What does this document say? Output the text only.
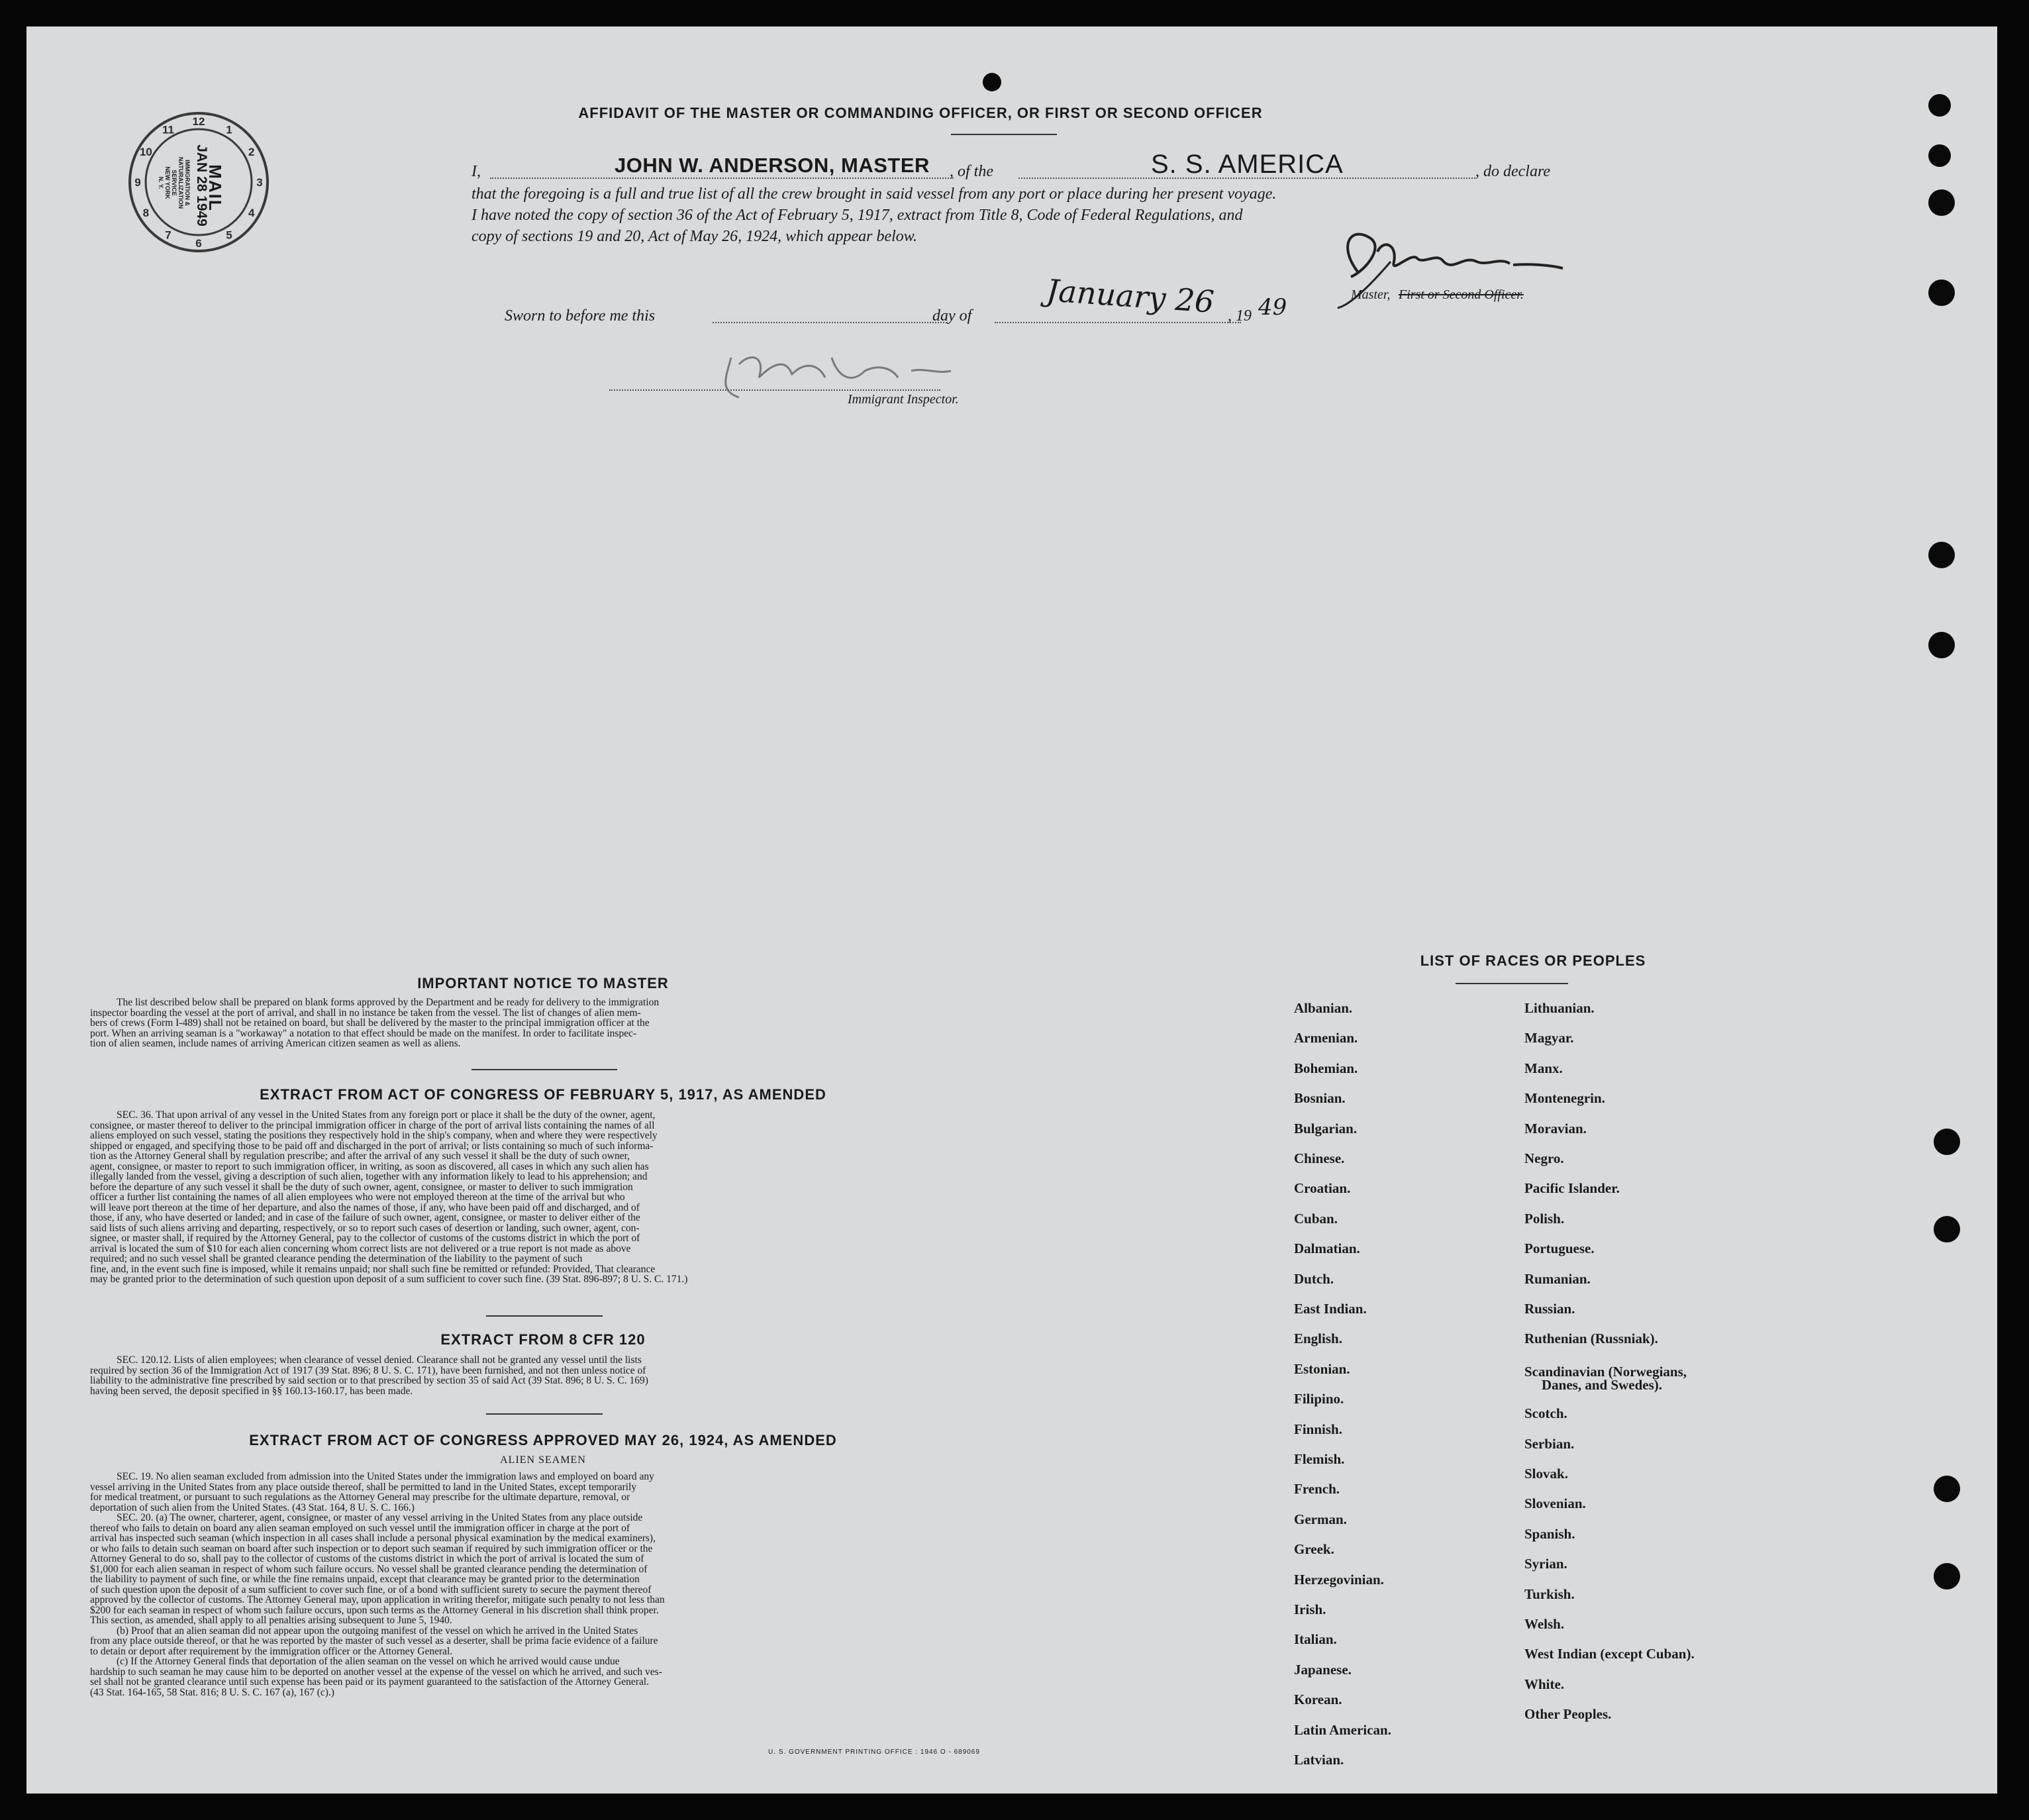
12
1
2
3
4
5
6
7
8
9
10
11
MAIL
JAN 28 1949
IMMIGRATION &
NATURALIZATION
SERVICE
NEW YORK
N. Y.
AFFIDAVIT OF THE MASTER OR COMMANDING OFFICER, OR FIRST OR SECOND OFFICER
I,	JOHN W. ANDERSON, MASTER , of the	S. S. AMERICA	, do declare
that the foregoing is a full and true list of all the crew brought in said vessel from any port or place during her present voyage.
I have noted the copy of section 36 of the Act of February 5, 1917, extract from Title 8, Code of Federal Regulations, and
copy of sections 19 and 20, Act of May 26, 1924, which appear below.
Master, First or Second Officer.
Sworn to before me this	day of January 26 , 19 49
Immigrant Inspector.
IMPORTANT NOTICE TO MASTER
The list described below shall be prepared on blank forms approved by the Department and be ready for delivery to the immigration
inspector boarding the vessel at the port of arrival, and shall in no instance be taken from the vessel. The list of changes of alien mem-
bers of crews (Form I-489) shall not be retained on board, but shall be delivered by the master to the principal immigration officer at the
port. When an arriving seaman is a "workaway" a notation to that effect should be made on the manifest. In order to facilitate inspec-
tion of alien seamen, include names of arriving American citizen seamen as well as aliens.
EXTRACT FROM ACT OF CONGRESS OF FEBRUARY 5, 1917, AS AMENDED
SEC. 36. That upon arrival of any vessel in the United States from any foreign port or place it shall be the duty of the owner, agent,
consignee, or master thereof to deliver to the principal immigration officer in charge of the port of arrival lists containing the names of all
aliens employed on such vessel, stating the positions they respectively hold in the ship's company, when and where they were respectively
shipped or engaged, and specifying those to be paid off and discharged in the port of arrival; or lists containing so much of such informa-
tion as the Attorney General shall by regulation prescribe; and after the arrival of any such vessel it shall be the duty of such owner,
agent, consignee, or master to report to such immigration officer, in writing, as soon as discovered, all cases in which any such alien has
illegally landed from the vessel, giving a description of such alien, together with any information likely to lead to his apprehension; and
before the departure of any such vessel it shall be the duty of such owner, agent, consignee, or master to deliver to such immigration
officer a further list containing the names of all alien employees who were not employed thereon at the time of the arrival but who
will leave port thereon at the time of her departure, and also the names of those, if any, who have been paid off and discharged, and of
those, if any, who have deserted or landed; and in case of the failure of such owner, agent, consignee, or master to deliver either of the
said lists of such aliens arriving and departing, respectively, or so to report such cases of desertion or landing, such owner, agent, con-
signee, or master shall, if required by the Attorney General, pay to the collector of customs of the customs district in which the port of
arrival is located the sum of $10 for each alien concerning whom correct lists are not delivered or a true report is not made as above
required; and no such vessel shall be granted clearance pending the determination of the liability to the payment of such
fine, and, in the event such fine is imposed, while it remains unpaid; nor shall such fine be remitted or refunded: Provided, That clearance
may be granted prior to the determination of such question upon deposit of a sum sufficient to cover such fine. (39 Stat. 896-897; 8 U. S. C. 171.)
EXTRACT FROM 8 CFR 120
SEC. 120.12. Lists of alien employees; when clearance of vessel denied. Clearance shall not be granted any vessel until the lists
required by section 36 of the Immigration Act of 1917 (39 Stat. 896; 8 U. S. C. 171), have been furnished, and not then unless notice of
liability to the administrative fine prescribed by said section or to that prescribed by section 35 of said Act (39 Stat. 896; 8 U. S. C. 169)
having been served, the deposit specified in §§ 160.13-160.17, has been made.
EXTRACT FROM ACT OF CONGRESS APPROVED MAY 26, 1924, AS AMENDED
ALIEN SEAMEN
SEC. 19. No alien seaman excluded from admission into the United States under the immigration laws and employed on board any
vessel arriving in the United States from any place outside thereof, shall be permitted to land in the United States, except temporarily
for medical treatment, or pursuant to such regulations as the Attorney General may prescribe for the ultimate departure, removal, or
deportation of such alien from the United States. (43 Stat. 164, 8 U. S. C. 166.)
SEC. 20. (a) The owner, charterer, agent, consignee, or master of any vessel arriving in the United States from any place outside
thereof who fails to detain on board any alien seaman employed on such vessel until the immigration officer in charge at the port of
arrival has inspected such seaman (which inspection in all cases shall include a personal physical examination by the medical examiners),
or who fails to detain such seaman on board after such inspection or to deport such seaman if required by such immigration officer or the
Attorney General to do so, shall pay to the collector of customs of the customs district in which the port of arrival is located the sum of
$1,000 for each alien seaman in respect of whom such failure occurs. No vessel shall be granted clearance pending the determination of
the liability to payment of such fine, or while the fine remains unpaid, except that clearance may be granted prior to the determination
of such question upon the deposit of a sum sufficient to cover such fine, or of a bond with sufficient surety to secure the payment thereof
approved by the collector of customs. The Attorney General may, upon application in writing therefor, mitigate such penalty to not less than
$200 for each seaman in respect of whom such failure occurs, upon such terms as the Attorney General in his discretion shall think proper.
This section, as amended, shall apply to all penalties arising subsequent to June 5, 1940.
(b) Proof that an alien seaman did not appear upon the outgoing manifest of the vessel on which he arrived in the United States
from any place outside thereof, or that he was reported by the master of such vessel as a deserter, shall be prima facie evidence of a failure
to detain or deport after requirement by the immigration officer or the Attorney General.
(c) If the Attorney General finds that deportation of the alien seaman on the vessel on which he arrived would cause undue
hardship to such seaman he may cause him to be deported on another vessel at the expense of the vessel on which he arrived, and such ves-
sel shall not be granted clearance until such expense has been paid or its payment guaranteed to the satisfaction of the Attorney General.
(43 Stat. 164-165, 58 Stat. 816; 8 U. S. C. 167 (a), 167 (c).)
U. S. GOVERNMENT PRINTING OFFICE : 1946 O - 689069
LIST OF RACES OR PEOPLES
Albanian.
Armenian.
Bohemian.
Bosnian.
Bulgarian.
Chinese.
Croatian.
Cuban.
Dalmatian.
Dutch.
East Indian.
English.
Estonian.
Filipino.
Finnish.
Flemish.
French.
German.
Greek.
Herzegovinian.
Irish.
Italian.
Japanese.
Korean.
Latin American.
Latvian.
Lithuanian.
Magyar.
Manx.
Montenegrin.
Moravian.
Negro.
Pacific Islander.
Polish.
Portuguese.
Rumanian.
Russian.
Ruthenian (Russniak).
Scandinavian (Norwegians,
Danes, and Swedes).
Scotch.
Serbian.
Slovak.
Slovenian.
Spanish.
Syrian.
Turkish.
Welsh.
West Indian (except Cuban).
White.
Other Peoples.
